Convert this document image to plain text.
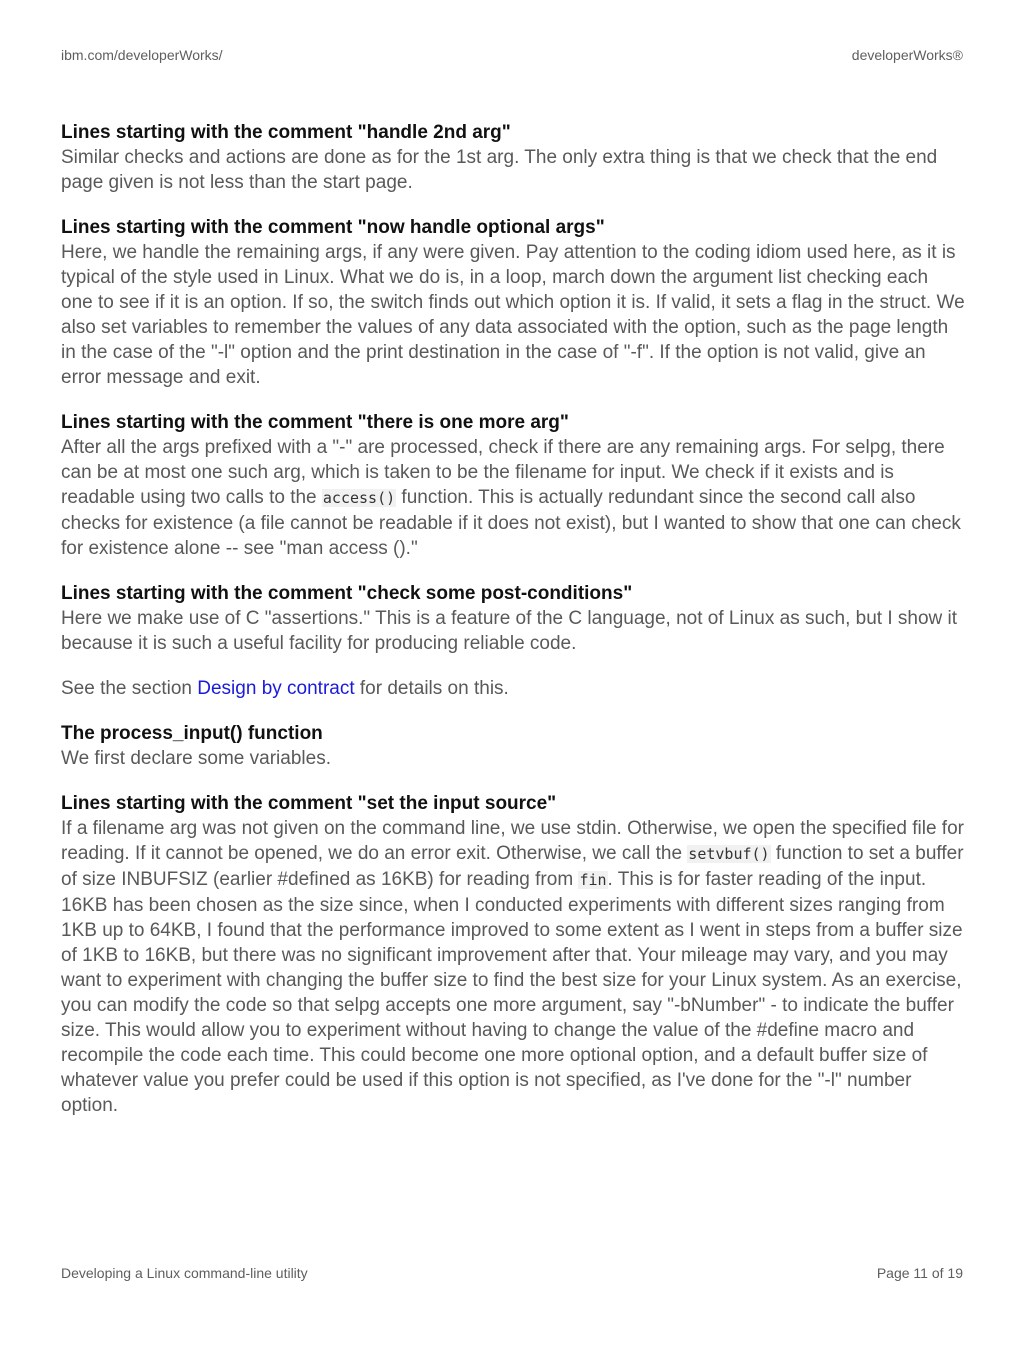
ibm.com/developerWorks/	developerWorks®

Lines starting with the comment "handle 2nd arg"

Similar checks and actions are done as for the 1st arg. The only extra thing is that we check that the end page given is not less than the start page.

Lines starting with the comment "now handle optional args"

Here, we handle the remaining args, if any were given. Pay attention to the coding idiom used here, as it is typical of the style used in Linux. What we do is, in a loop, march down the argument list checking each one to see if it is an option. If so, the switch finds out which option it is. If valid, it sets a flag in the struct. We also set variables to remember the values of any data associated with the option, such as the page length in the case of the "-l" option and the print destination in the case of "-f". If the option is not valid, give an error message and exit.

Lines starting with the comment "there is one more arg"

After all the args prefixed with a "-" are processed, check if there are any remaining args. For selpg, there can be at most one such arg, which is taken to be the filename for input. We check if it exists and is readable using two calls to the access() function. This is actually redundant since the second call also checks for existence (a file cannot be readable if it does not exist), but I wanted to show that one can check for existence alone -- see "man access ()."

Lines starting with the comment "check some post-conditions"

Here we make use of C "assertions." This is a feature of the C language, not of Linux as such, but I show it because it is such a useful facility for producing reliable code.

See the section Design by contract for details on this.

The process_input() function

We first declare some variables.

Lines starting with the comment "set the input source"

If a filename arg was not given on the command line, we use stdin. Otherwise, we open the specified file for reading. If it cannot be opened, we do an error exit. Otherwise, we call the setvbuf() function to set a buffer of size INBUFSIZ (earlier #defined as 16KB) for reading from fin. This is for faster reading of the input. 16KB has been chosen as the size since, when I conducted experiments with different sizes ranging from 1KB up to 64KB, I found that the performance improved to some extent as I went in steps from a buffer size of 1KB to 16KB, but there was no significant improvement after that. Your mileage may vary, and you may want to experiment with changing the buffer size to find the best size for your Linux system. As an exercise, you can modify the code so that selpg accepts one more argument, say "-bNumber" - to indicate the buffer size. This would allow you to experiment without having to change the value of the #define macro and recompile the code each time. This could become one more optional option, and a default buffer size of whatever value you prefer could be used if this option is not specified, as I've done for the "-l" number option.

Developing a Linux command-line utility	Page 11 of 19
